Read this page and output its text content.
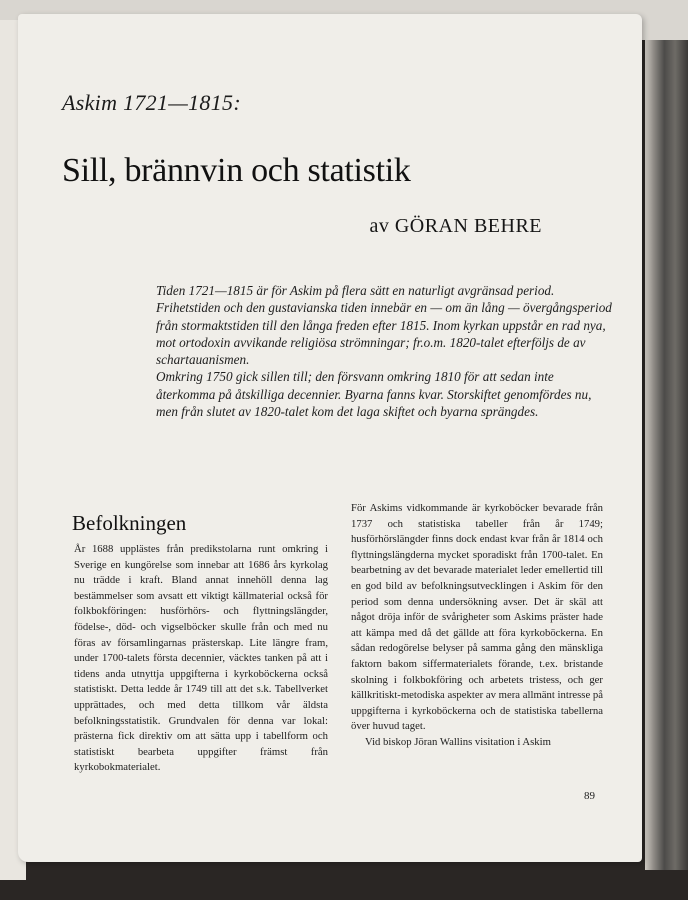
Askim 1721—1815:
Sill, brännvin och statistik
av GÖRAN BEHRE

Tiden 1721—1815 är för Askim på flera sätt en naturligt avgränsad period. Frihetstiden och den gustavianska tiden innebär en — om än lång — övergångsperiod från stormaktstiden till den långa freden efter 1815. Inom kyrkan uppstår en rad nya, mot ortodoxin avvikande religiösa strömningar; fr.o.m. 1820-talet efterföljs de av schartauanismen.

Omkring 1750 gick sillen till; den försvann omkring 1810 för att sedan inte återkomma på åtskilliga decennier. Byarna fanns kvar. Storskiftet genomfördes nu, men från slutet av 1820-talet kom det laga skiftet och byarna sprängdes.

Befolkningen

År 1688 upplästes från predikstolarna runt omkring i Sverige en kungörelse som innebar att 1686 års kyrkolag nu trädde i kraft. Bland annat innehöll denna lag bestämmelser som avsatt ett viktigt källmaterial också för folkbokföringen: husförhörs- och flyttningslängder, födelse-, död- och vigselböcker skulle från och med nu föras av församlingarnas prästerskap. Lite längre fram, under 1700-talets första decennier, väcktes tanken på att i tidens anda utnyttja uppgifterna i kyrkoböckerna också statistiskt. Detta ledde år 1749 till att det s.k. Tabellverket upprättades, och med detta tillkom vår äldsta befolkningsstatistik. Grundvalen för denna var lokal: prästerna fick direktiv om att sätta upp i tabellform och statistiskt bearbeta uppgifter främst från kyrkobokmaterialet.

För Askims vidkommande är kyrkoböcker bevarade från 1737 och statistiska tabeller från år 1749; husförhörslängder finns dock endast kvar från år 1814 och flyttningslängderna mycket sporadiskt från 1700-talet. En bearbetning av det bevarade materialet leder emellertid till en god bild av befolkningsutvecklingen i Askim för den period som denna undersökning avser. Det är skäl att något dröja inför de svårigheter som Askims präster hade att kämpa med då det gällde att föra kyrkoböckerna. En sådan redogörelse belyser på samma gång den mänskliga faktorn bakom siffermaterialets förande, t.ex. bristande skolning i folkbokföring och arbetets tristess, och ger källkritiskt-metodiska aspekter av mera allmänt intresse på uppgifterna i kyrkoböckerna och de statistiska tabellerna över huvud taget.

Vid biskop Jöran Wallins visitation i Askim

89
